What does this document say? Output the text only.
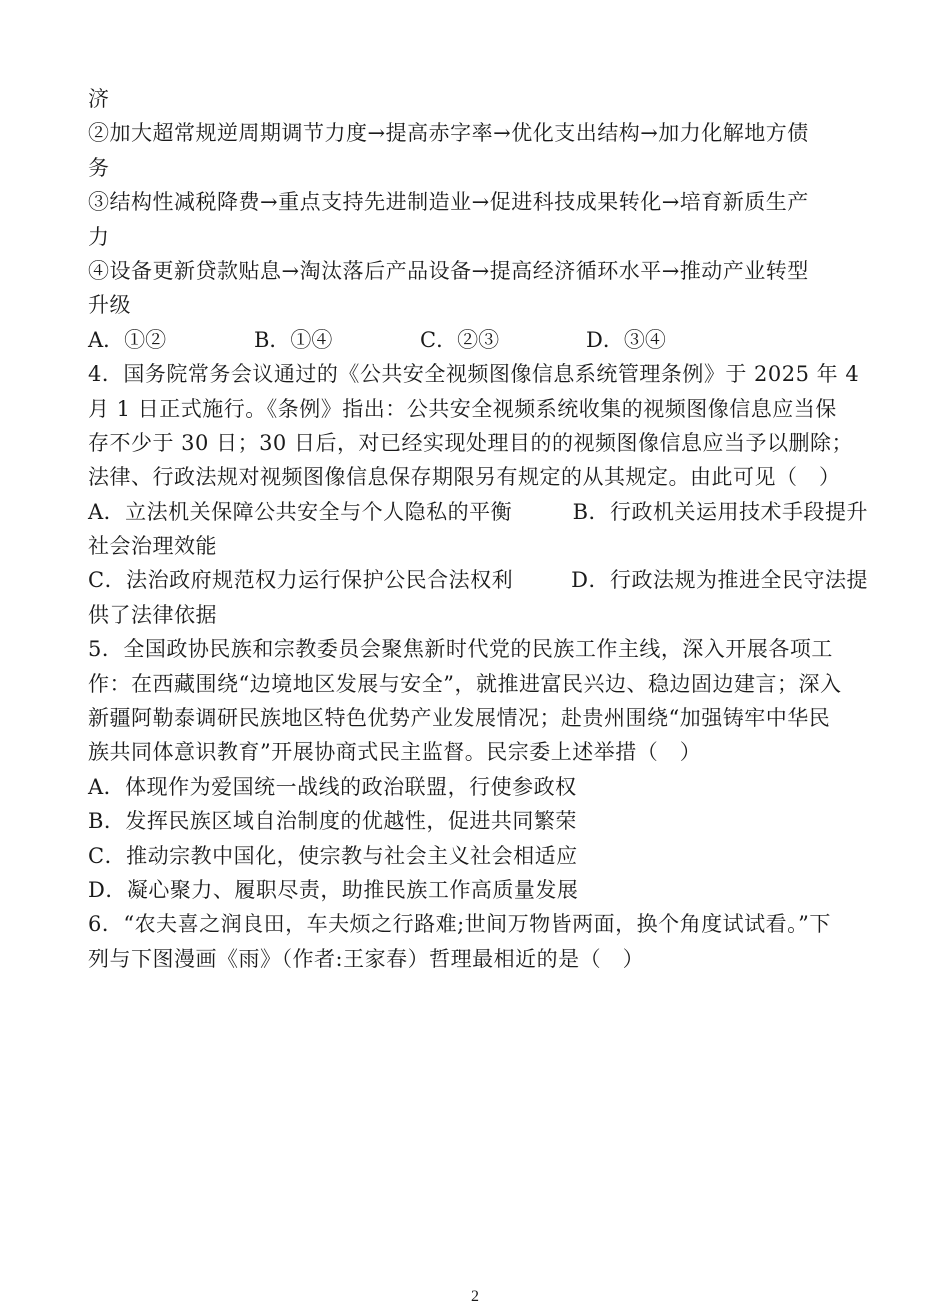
济
②加大超常规逆周期调节力度→提高赤字率→优化支出结构→加力化解地方债
务
③结构性减税降费→重点支持先进制造业→促进科技成果转化→培育新质生产
力
④设备更新贷款贴息→淘汰落后产品设备→提高经济循环水平→推动产业转型
升级
A．①②	B．①④	C．②③	D．③④
4．国务院常务会议通过的《公共安全视频图像信息系统管理条例》于 2025 年 4
月 1 日正式施行。《条例》指出：公共安全视频系统收集的视频图像信息应当保
存不少于 30 日；30 日后，对已经实现处理目的的视频图像信息应当予以删除；
法律、行政法规对视频图像信息保存期限另有规定的从其规定。由此可见（　）
A．立法机关保障公共安全与个人隐私的平衡	B．行政机关运用技术手段提升
社会治理效能
C．法治政府规范权力运行保护公民合法权利	D．行政法规为推进全民守法提
供了法律依据
5．全国政协民族和宗教委员会聚焦新时代党的民族工作主线，深入开展各项工
作：在西藏围绕“边境地区发展与安全”，就推进富民兴边、稳边固边建言；深入
新疆阿勒泰调研民族地区特色优势产业发展情况；赴贵州围绕“加强铸牢中华民
族共同体意识教育”开展协商式民主监督。民宗委上述举措（　）
A．体现作为爱国统一战线的政治联盟，行使参政权
B．发挥民族区域自治制度的优越性，促进共同繁荣
C．推动宗教中国化，使宗教与社会主义社会相适应
D．凝心聚力、履职尽责，助推民族工作高质量发展
6．“农夫喜之润良田，车夫烦之行路难;世间万物皆两面，换个角度试试看。”下
列与下图漫画《雨》（作者:王家春）哲理最相近的是（　）
2
